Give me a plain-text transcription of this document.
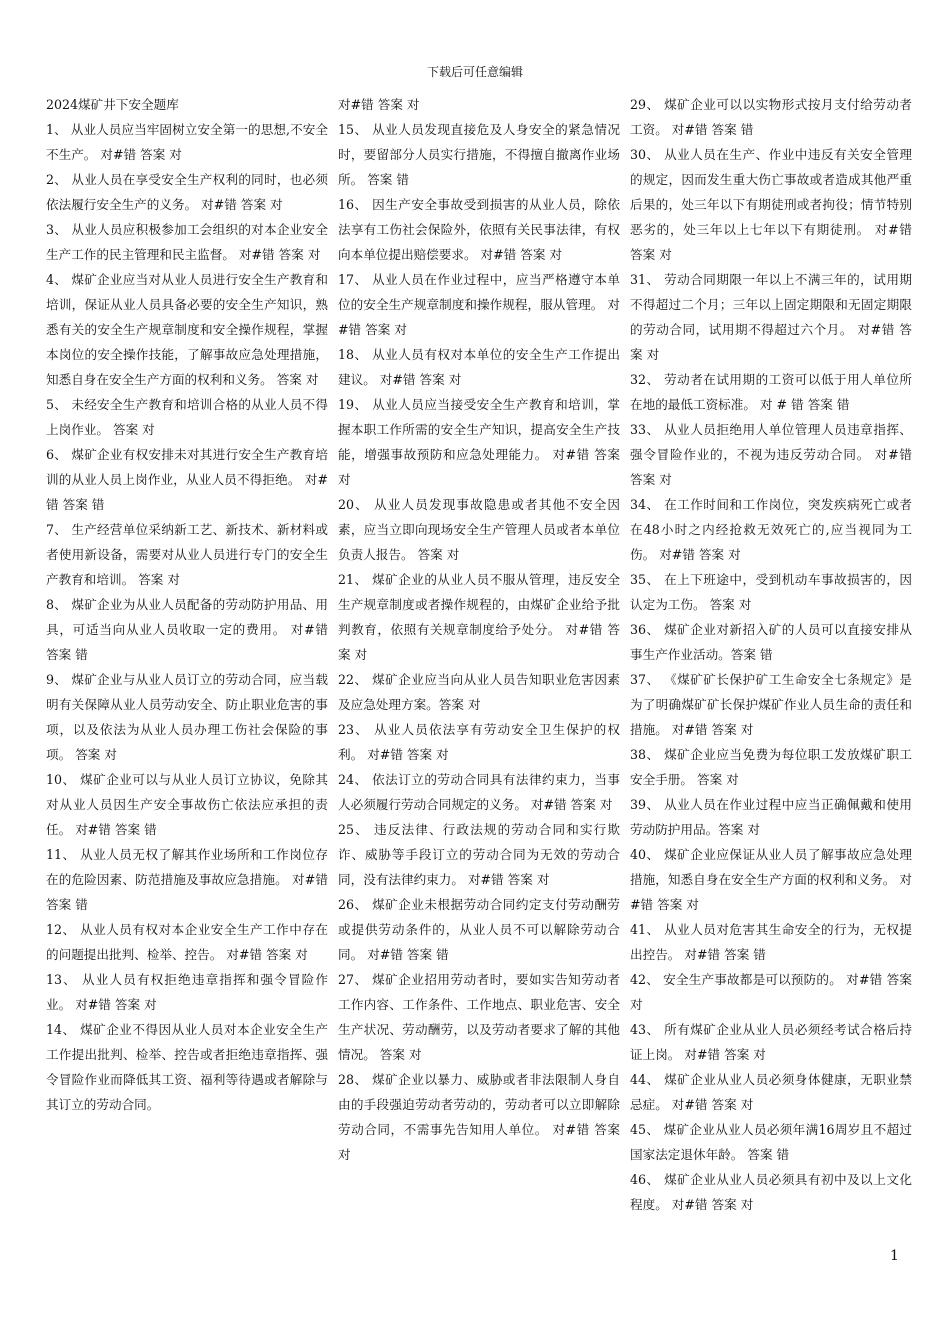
下载后可任意编辑
2024煤矿井下安全题库

1、 从业人员应当牢固树立安全第一的思想,不安全不生产。 对#错 答案 对

2、 从业人员在享受安全生产权利的同时，也必须依法履行安全生产的义务。 对#错 答案 对

3、 从业人员应积极参加工会组织的对本企业安全生产工作的民主管理和民主监督。 对#错 答案 对

4、 煤矿企业应当对从业人员进行安全生产教育和培训，保证从业人员具备必要的安全生产知识，熟悉有关的安全生产规章制度和安全操作规程，掌握本岗位的安全操作技能，了解事故应急处理措施，知悉自身在安全生产方面的权利和义务。 答案 对

5、 未经安全生产教育和培训合格的从业人员不得上岗作业。 答案 对

6、 煤矿企业有权安排未对其进行安全生产教育培训的从业人员上岗作业，从业人员不得拒绝。 对#错 答案 错

7、 生产经营单位采纳新工艺、新技术、新材料或者使用新设备，需要对从业人员进行专门的安全生产教育和培训。 答案 对

8、 煤矿企业为从业人员配备的劳动防护用品、用具，可适当向从业人员收取一定的费用。 对#错 答案 错

9、 煤矿企业与从业人员订立的劳动合同，应当载明有关保障从业人员劳动安全、防止职业危害的事项，以及依法为从业人员办理工伤社会保险的事项。 答案 对

10、 煤矿企业可以与从业人员订立协议，免除其对从业人员因生产安全事故伤亡依法应承担的责任。 对#错 答案 错

11、 从业人员无权了解其作业场所和工作岗位存在的危险因素、防范措施及事故应急措施。 对#错 答案 错

12、 从业人员有权对本企业安全生产工作中存在的问题提出批判、检举、控告。 对#错 答案 对

13、 从业人员有权拒绝违章指挥和强令冒险作业。 对#错 答案 对

14、 煤矿企业不得因从业人员对本企业安全生产工作提出批判、检举、控告或者拒绝违章指挥、强令冒险作业而降低其工资、福利等待遇或者解除与其订立的劳动合同。

对#错 答案 对

15、 从业人员发现直接危及人身安全的紧急情况时，要留部分人员实行措施，不得擅自撤离作业场所。 答案 错

16、 因生产安全事故受到损害的从业人员，除依法享有工伤社会保险外，依照有关民事法律，有权向本单位提出赔偿要求。 对#错 答案 对

17、 从业人员在作业过程中，应当严格遵守本单位的安全生产规章制度和操作规程，服从管理。 对#错 答案 对

18、 从业人员有权对本单位的安全生产工作提出建议。 对#错 答案 对

19、 从业人员应当接受安全生产教育和培训，掌握本职工作所需的安全生产知识，提高安全生产技能，增强事故预防和应急处理能力。 对#错 答案 对

20、 从业人员发现事故隐患或者其他不安全因素，应当立即向现场安全生产管理人员或者本单位负责人报告。 答案 对

21、 煤矿企业的从业人员不服从管理，违反安全生产规章制度或者操作规程的，由煤矿企业给予批判教育，依照有关规章制度给予处分。 对#错 答案 对

22、 煤矿企业应当向从业人员告知职业危害因素及应急处理方案。答案 对

23、 从业人员依法享有劳动安全卫生保护的权利。 对#错 答案 对

24、 依法订立的劳动合同具有法律约束力，当事人必须履行劳动合同规定的义务。 对#错 答案 对

25、 违反法律、行政法规的劳动合同和实行欺诈、威胁等手段订立的劳动合同为无效的劳动合同，没有法律约束力。 对#错 答案 对

26、 煤矿企业未根据劳动合同约定支付劳动酬劳或提供劳动条件的，从业人员不可以解除劳动合同。 对#错 答案 错

27、 煤矿企业招用劳动者时，要如实告知劳动者工作内容、工作条件、工作地点、职业危害、安全生产状况、劳动酬劳，以及劳动者要求了解的其他情况。 答案 对

28、 煤矿企业以暴力、威胁或者非法限制人身自由的手段强迫劳动者劳动的，劳动者可以立即解除劳动合同，不需事先告知用人单位。 对#错 答案 对

29、 煤矿企业可以以实物形式按月支付给劳动者工资。 对#错 答案 错

30、 从业人员在生产、作业中违反有关安全管理的规定，因而发生重大伤亡事故或者造成其他严重后果的，处三年以下有期徒刑或者拘役；情节特别恶劣的，处三年以上七年以下有期徒刑。 对#错 答案 对

31、 劳动合同期限一年以上不满三年的，试用期不得超过二个月；三年以上固定期限和无固定期限的劳动合同，试用期不得超过六个月。 对#错 答案 对

32、 劳动者在试用期的工资可以低于用人单位所在地的最低工资标准。 对 # 错 答案 错

33、 从业人员拒绝用人单位管理人员违章指挥、强令冒险作业的，不视为违反劳动合同。 对#错 答案 对

34、 在工作时间和工作岗位，突发疾病死亡或者在48小时之内经抢救无效死亡的,应当视同为工伤。 对#错 答案 对

35、 在上下班途中，受到机动车事故损害的，因认定为工伤。 答案 对

36、 煤矿企业对新招入矿的人员可以直接安排从事生产作业活动。答案 错

37、 《煤矿矿长保护矿工生命安全七条规定》是为了明确煤矿矿长保护煤矿作业人员生命的责任和措施。 对#错 答案 对

38、 煤矿企业应当免费为每位职工发放煤矿职工安全手册。 答案 对

39、 从业人员在作业过程中应当正确佩戴和使用劳动防护用品。答案 对

40、 煤矿企业应保证从业人员了解事故应急处理措施，知悉自身在安全生产方面的权利和义务。 对#错 答案 对

41、 从业人员对危害其生命安全的行为，无权提出控告。 对#错 答案 错

42、 安全生产事故都是可以预防的。 对#错 答案 对

43、 所有煤矿企业从业人员必须经考试合格后持证上岗。 对#错 答案 对

44、 煤矿企业从业人员必须身体健康，无职业禁忌症。 对#错 答案 对

45、 煤矿企业从业人员必须年满16周岁且不超过国家法定退休年龄。 答案 错

46、 煤矿企业从业人员必须具有初中及以上文化程度。 对#错 答案 对

1
